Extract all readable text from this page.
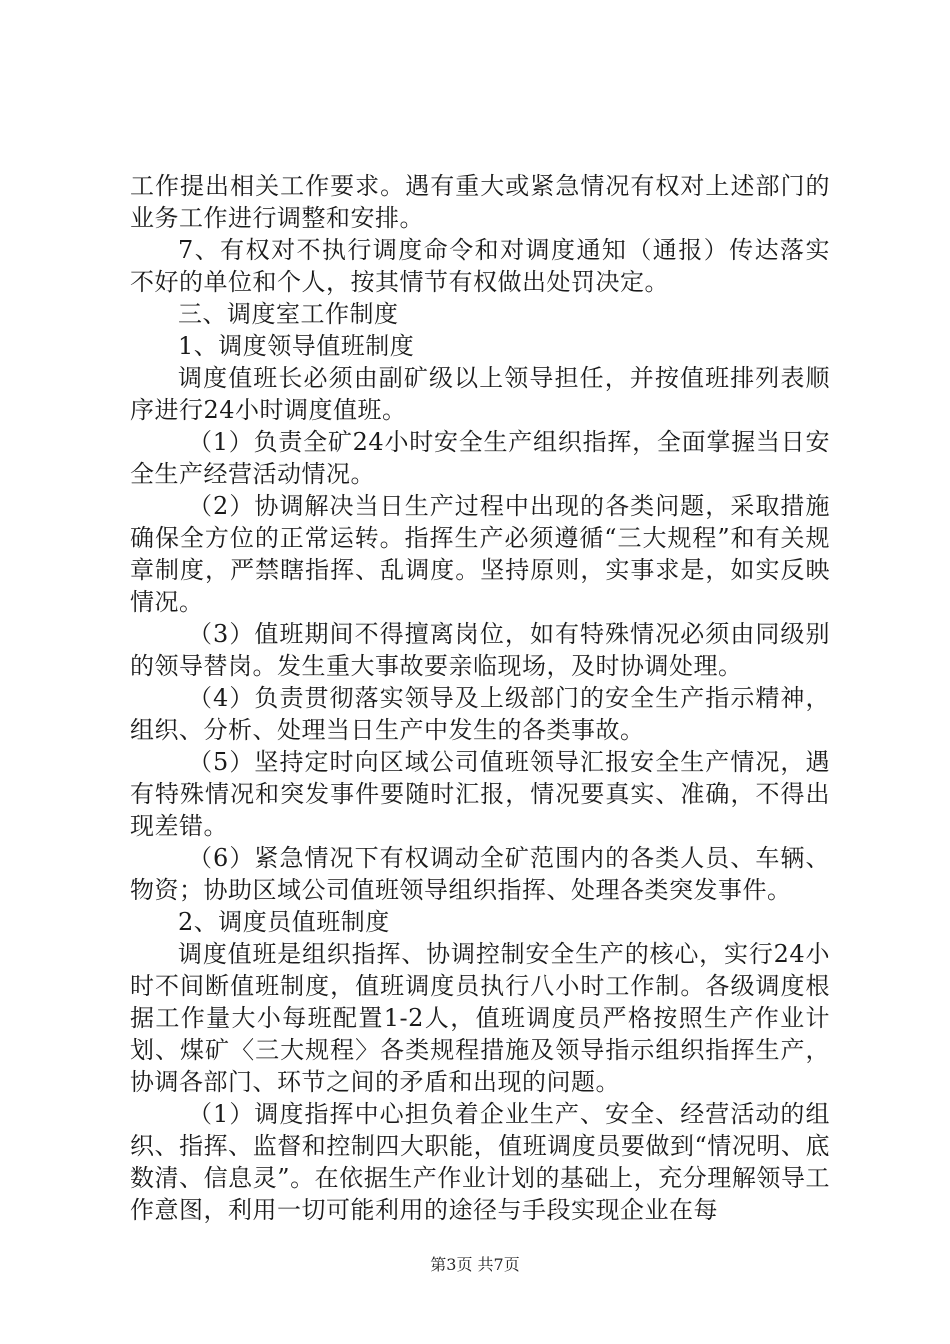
工作提出相关工作要求。遇有重大或紧急情况有权对上述部门的业务工作进行调整和安排。

7、有权对不执行调度命令和对调度通知（通报）传达落实不好的单位和个人，按其情节有权做出处罚决定。

三、调度室工作制度

1、调度领导值班制度

调度值班长必须由副矿级以上领导担任，并按值班排列表顺序进行24小时调度值班。

（1）负责全矿24小时安全生产组织指挥，全面掌握当日安全生产经营活动情况。

（2）协调解决当日生产过程中出现的各类问题，采取措施确保全方位的正常运转。指挥生产必须遵循“三大规程”和有关规章制度，严禁瞎指挥、乱调度。坚持原则，实事求是，如实反映情况。

（3）值班期间不得擅离岗位，如有特殊情况必须由同级别的领导替岗。发生重大事故要亲临现场，及时协调处理。

（4）负责贯彻落实领导及上级部门的安全生产指示精神，组织、分析、处理当日生产中发生的各类事故。

（5）坚持定时向区域公司值班领导汇报安全生产情况，遇有特殊情况和突发事件要随时汇报，情况要真实、准确，不得出现差错。

（6）紧急情况下有权调动全矿范围内的各类人员、车辆、物资；协助区域公司值班领导组织指挥、处理各类突发事件。

2、调度员值班制度

调度值班是组织指挥、协调控制安全生产的核心，实行24小时不间断值班制度，值班调度员执行八小时工作制。各级调度根据工作量大小每班配置1-2人，值班调度员严格按照生产作业计划、煤矿〈三大规程〉各类规程措施及领导指示组织指挥生产，协调各部门、环节之间的矛盾和出现的问题。

（1）调度指挥中心担负着企业生产、安全、经营活动的组织、指挥、监督和控制四大职能，值班调度员要做到“情况明、底数清、信息灵”。在依据生产作业计划的基础上，充分理解领导工作意图，利用一切可能利用的途径与手段实现企业在每

第3页 共7页
